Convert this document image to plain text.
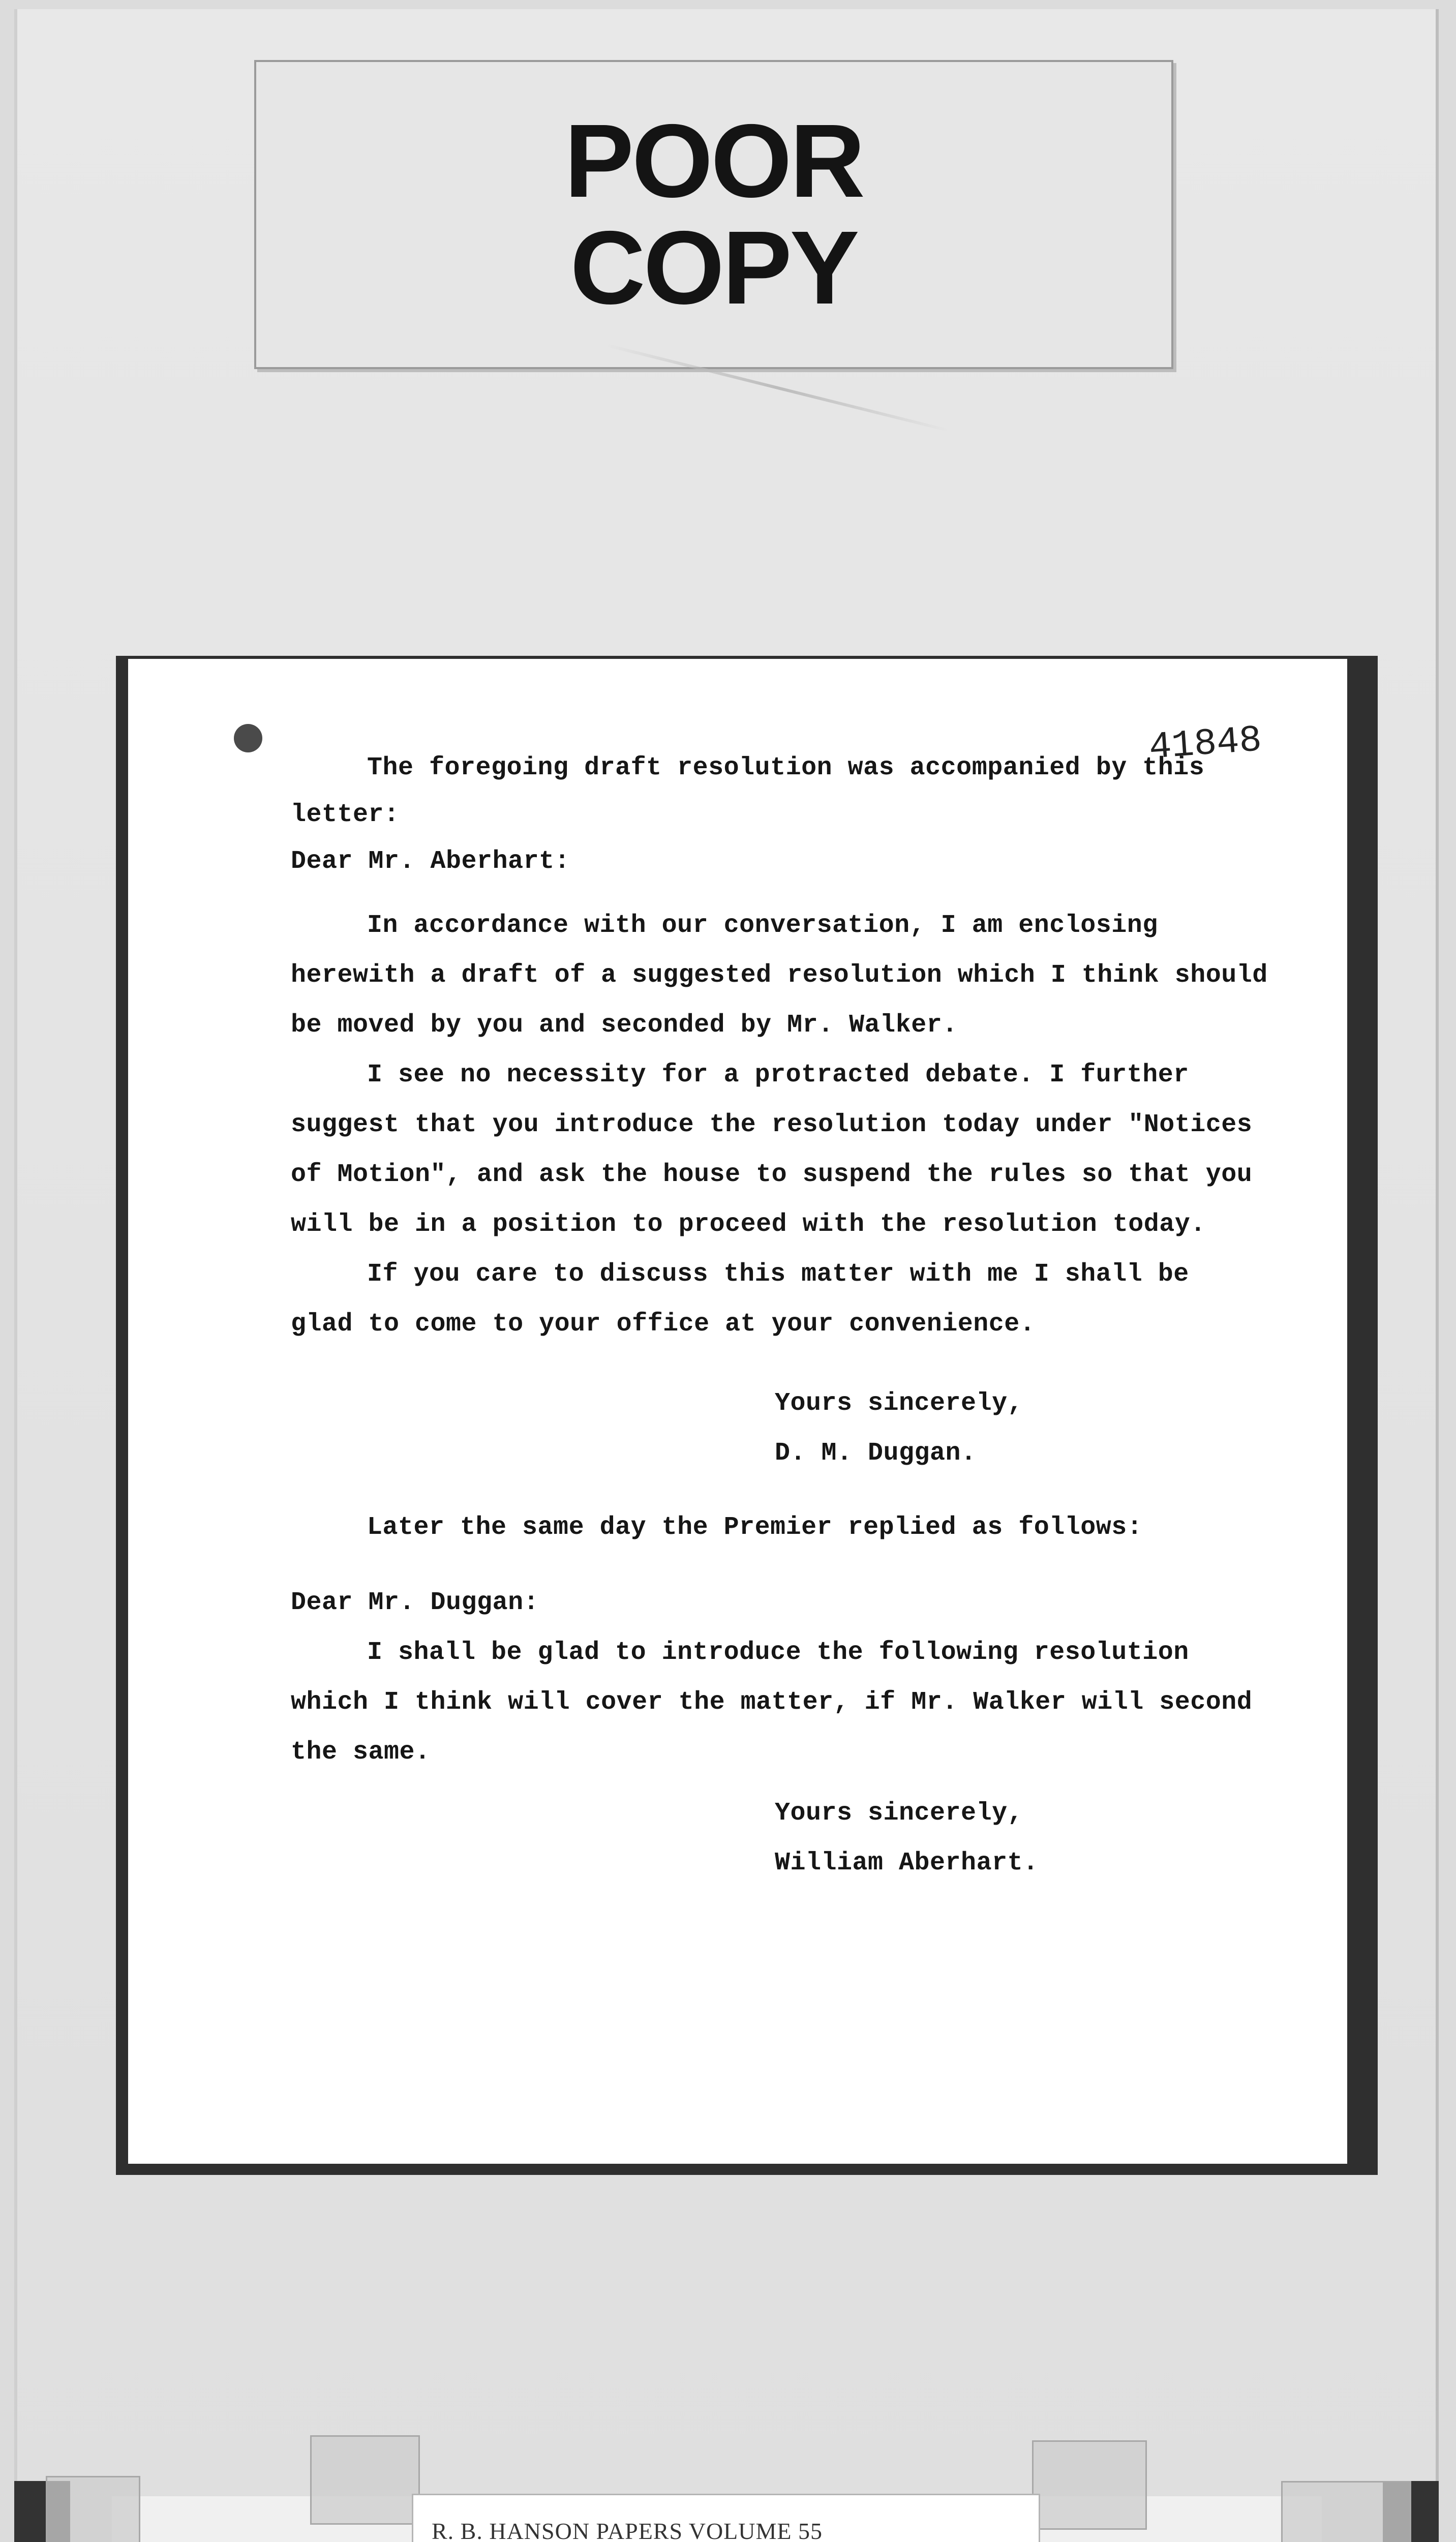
POOR
COPY
41848
The foregoing draft resolution was accompanied by this
letter:
Dear Mr. Aberhart:
In accordance with our conversation, I am enclosing
herewith a draft of a suggested resolution which I think should
be moved by you and seconded by Mr. Walker.
I see no necessity for a protracted debate. I further
suggest that you introduce the resolution today under "Notices
of Motion", and ask the house to suspend the rules so that you
will be in a position to proceed with the resolution today.
If you care to discuss this matter with me I shall be
glad to come to your office at your convenience.
Yours sincerely,
D. M. Duggan.
Later the same day the Premier replied as follows:
Dear Mr. Duggan:
I shall be glad to introduce the following resolution
which I think will cover the matter, if Mr. Walker will second
the same.
Yours sincerely,
William Aberhart.
R. B. HANSON PAPERS VOLUME 55
